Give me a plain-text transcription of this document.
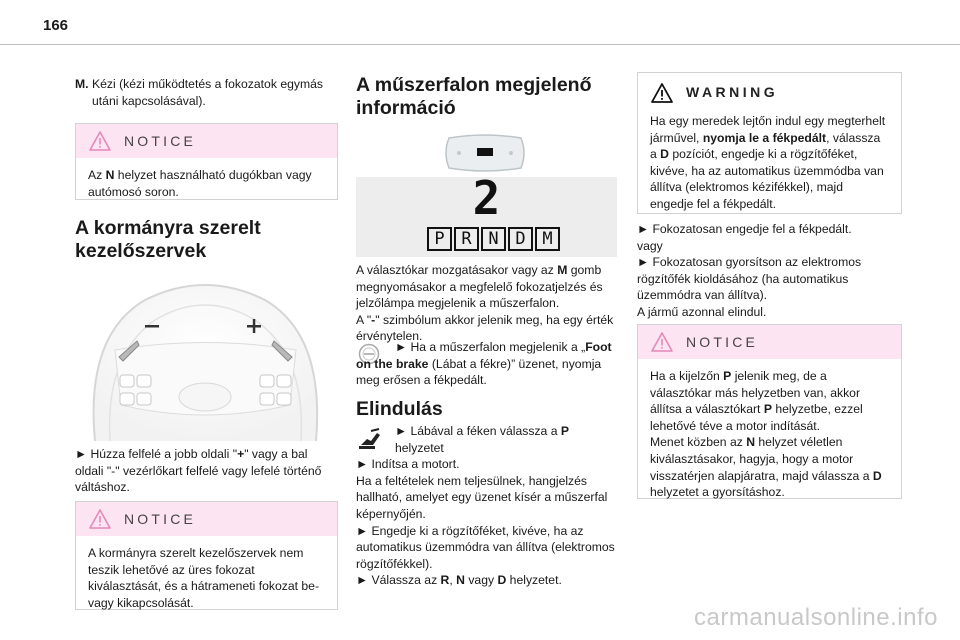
166
M. Kézi (kézi működtetés a fokozatok egymás utáni kapcsolásával).
NOTICE
Az N helyzet használható dugókban vagy autómosó soron.
A kormányra szerelt kezelőszervek
► Húzza felfelé a jobb oldali "+" vagy a bal oldali "-" vezérlőkart felfelé vagy lefelé történő váltáshoz.
NOTICE
A kormányra szerelt kezelőszervek nem teszik lehetővé az üres fokozat kiválasztását, és a hátrameneti fokozat be- vagy kikapcsolását.
A műszerfalon megjelenő információ
2
P R N D M

A választókar mozgatásakor vagy az M gomb megnyomásakor a megfelelő fokozatjelzés és jelzőlámpa megjelenik a műszerfalon.

A "-" szimbólum akkor jelenik meg, ha egy érték érvénytelen.

► Ha a műszerfalon megjelenik a „Foot on the brake (Lábat a fékre)” üzenet, nyomja meg erősen a fékpedált.
Elindulás

► Lábával a féken válassza a P helyzetet

► Indítsa a motort.

Ha a feltételek nem teljesülnek, hangjelzés hallható, amelyet egy üzenet kísér a műszerfal képernyőjén.

► Engedje ki a rögzítőféket, kivéve, ha az automatikus üzemmódra van állítva (elektromos rögzítőfékkel).

► Válassza az R, N vagy D helyzetet.

WARNING
Ha egy meredek lejtőn indul egy megterhelt járművel, nyomja le a fékpedált, válassza a D pozíciót, engedje ki a rögzítőféket, kivéve, ha az automatikus üzemmódba van állítva (elektromos kézifékkel), majd engedje fel a fékpedált.

► Fokozatosan engedje fel a fékpedált.

vagy

► Fokozatosan gyorsítson az elektromos rögzítőfék kioldásához (ha automatikus üzemmódra van állítva).

A jármű azonnal elindul.

NOTICE

Ha a kijelzőn P jelenik meg, de a választókar más helyzetben van, akkor állítsa a választókart P helyzetbe, ezzel lehetővé téve a motor indítását.

Menet közben az N helyzet véletlen kiválasztásakor, hagyja, hogy a motor visszatérjen alapjáratra, majd válassza a D helyzetet a gyorsításhoz.

carmanualsonline.info
